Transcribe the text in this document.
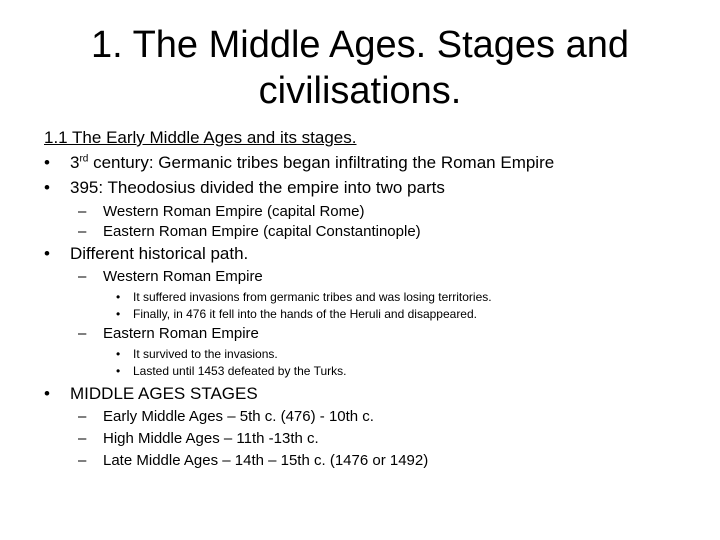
1. The Middle Ages. Stages and civilisations.
1.1 The Early Middle Ages and its stages.
• 3rd century: Germanic tribes began infiltrating the Roman Empire
• 395: Theodosius divided the empire into two parts
– Western Roman Empire (capital Rome)
– Eastern Roman Empire (capital Constantinople)
• Different historical path.
– Western Roman Empire
• It suffered invasions from germanic tribes and was losing territories.
• Finally, in 476 it fell into the hands of the Heruli and disappeared.
– Eastern Roman Empire
• It survived to the invasions.
• Lasted until 1453 defeated by the Turks.
• MIDDLE AGES STAGES
– Early Middle Ages – 5th c. (476) - 10th c.
– High Middle Ages – 11th -13th c.
– Late Middle Ages – 14th – 15th c. (1476 or 1492)
